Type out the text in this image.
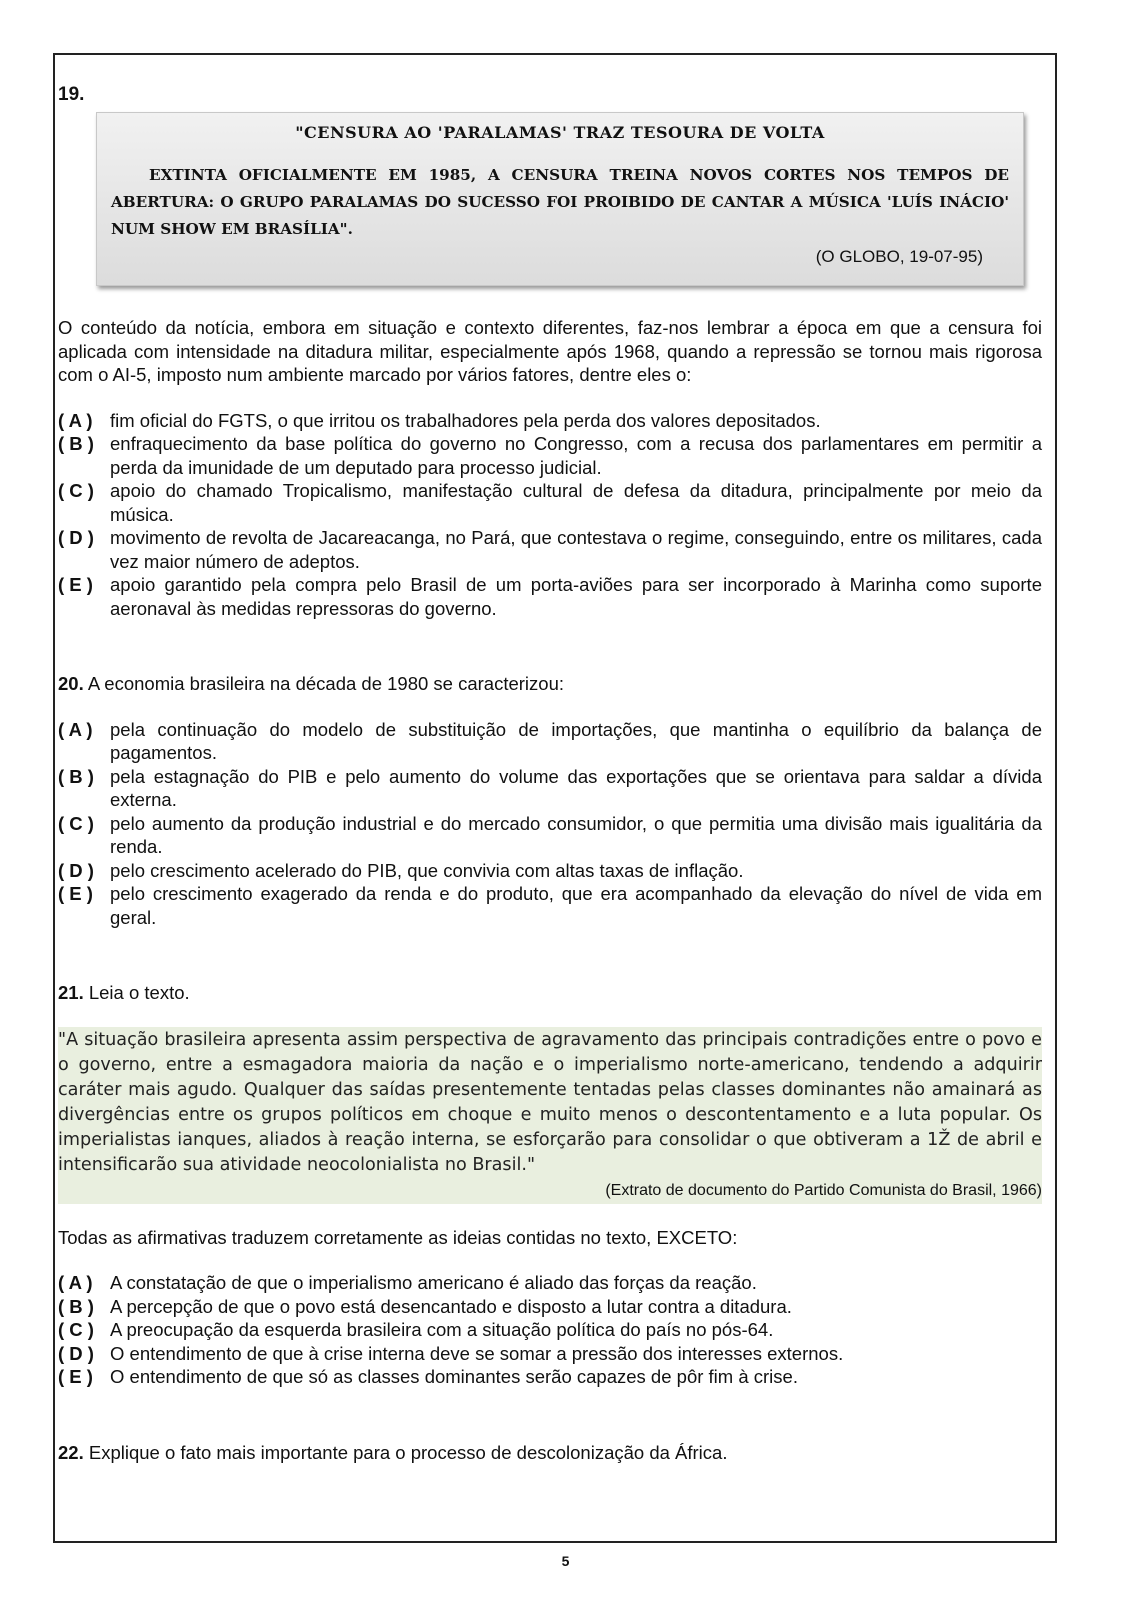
19.
"CENSURA AO 'PARALAMAS' TRAZ TESOURA DE VOLTA
EXTINTA OFICIALMENTE EM 1985, A CENSURA TREINA NOVOS CORTES NOS TEMPOS DE ABERTURA: O GRUPO PARALAMAS DO SUCESSO FOI PROIBIDO DE CANTAR A MÚSICA 'LUÍS INÁCIO' NUM SHOW EM BRASÍLIA".
(O GLOBO, 19-07-95)

O conteúdo da notícia, embora em situação e contexto diferentes, faz-nos lembrar a época em que a censura foi aplicada com intensidade na ditadura militar, especialmente após 1968, quando a repressão se tornou mais rigorosa com o AI-5, imposto num ambiente marcado por vários fatores, dentre eles o:

( A ) fim oficial do FGTS, o que irritou os trabalhadores pela perda dos valores depositados.
( B ) enfraquecimento da base política do governo no Congresso, com a recusa dos parlamentares em permitir a perda da imunidade de um deputado para processo judicial.
( C ) apoio do chamado Tropicalismo, manifestação cultural de defesa da ditadura, principalmente por meio da música.
( D ) movimento de revolta de Jacareacanga, no Pará, que contestava o regime, conseguindo, entre os militares, cada vez maior número de adeptos.
( E ) apoio garantido pela compra pelo Brasil de um porta-aviões para ser incorporado à Marinha como suporte aeronaval às medidas repressoras do governo.
20. A economia brasileira na década de 1980 se caracterizou:
( A ) pela continuação do modelo de substituição de importações, que mantinha o equilíbrio da balança de pagamentos.
( B ) pela estagnação do PIB e pelo aumento do volume das exportações que se orientava para saldar a dívida externa.
( C ) pelo aumento da produção industrial e do mercado consumidor, o que permitia uma divisão mais igualitária da renda.
( D ) pelo crescimento acelerado do PIB, que convivia com altas taxas de inflação.
( E ) pelo crescimento exagerado da renda e do produto, que era acompanhado da elevação do nível de vida em geral.
21. Leia o texto.
"A situação brasileira apresenta assim perspectiva de agravamento das principais contradições entre o povo e o governo, entre a esmagadora maioria da nação e o imperialismo norte-americano, tendendo a adquirir caráter mais agudo. Qualquer das saídas presentemente tentadas pelas classes dominantes não amainará as divergências entre os grupos políticos em choque e muito menos o descontentamento e a luta popular. Os imperialistas ianques, aliados à reação interna, se esforçarão para consolidar o que obtiveram a 1Ž de abril e intensificarão sua atividade neocolonialista no Brasil."
(Extrato de documento do Partido Comunista do Brasil, 1966)
Todas as afirmativas traduzem corretamente as ideias contidas no texto, EXCETO:
( A ) A constatação de que o imperialismo americano é aliado das forças da reação.
( B ) A percepção de que o povo está desencantado e disposto a lutar contra a ditadura.
( C ) A preocupação da esquerda brasileira com a situação política do país no pós-64.
( D ) O entendimento de que à crise interna deve se somar a pressão dos interesses externos.
( E ) O entendimento de que só as classes dominantes serão capazes de pôr fim à crise.
22. Explique o fato mais importante para o processo de descolonização da África.
5
